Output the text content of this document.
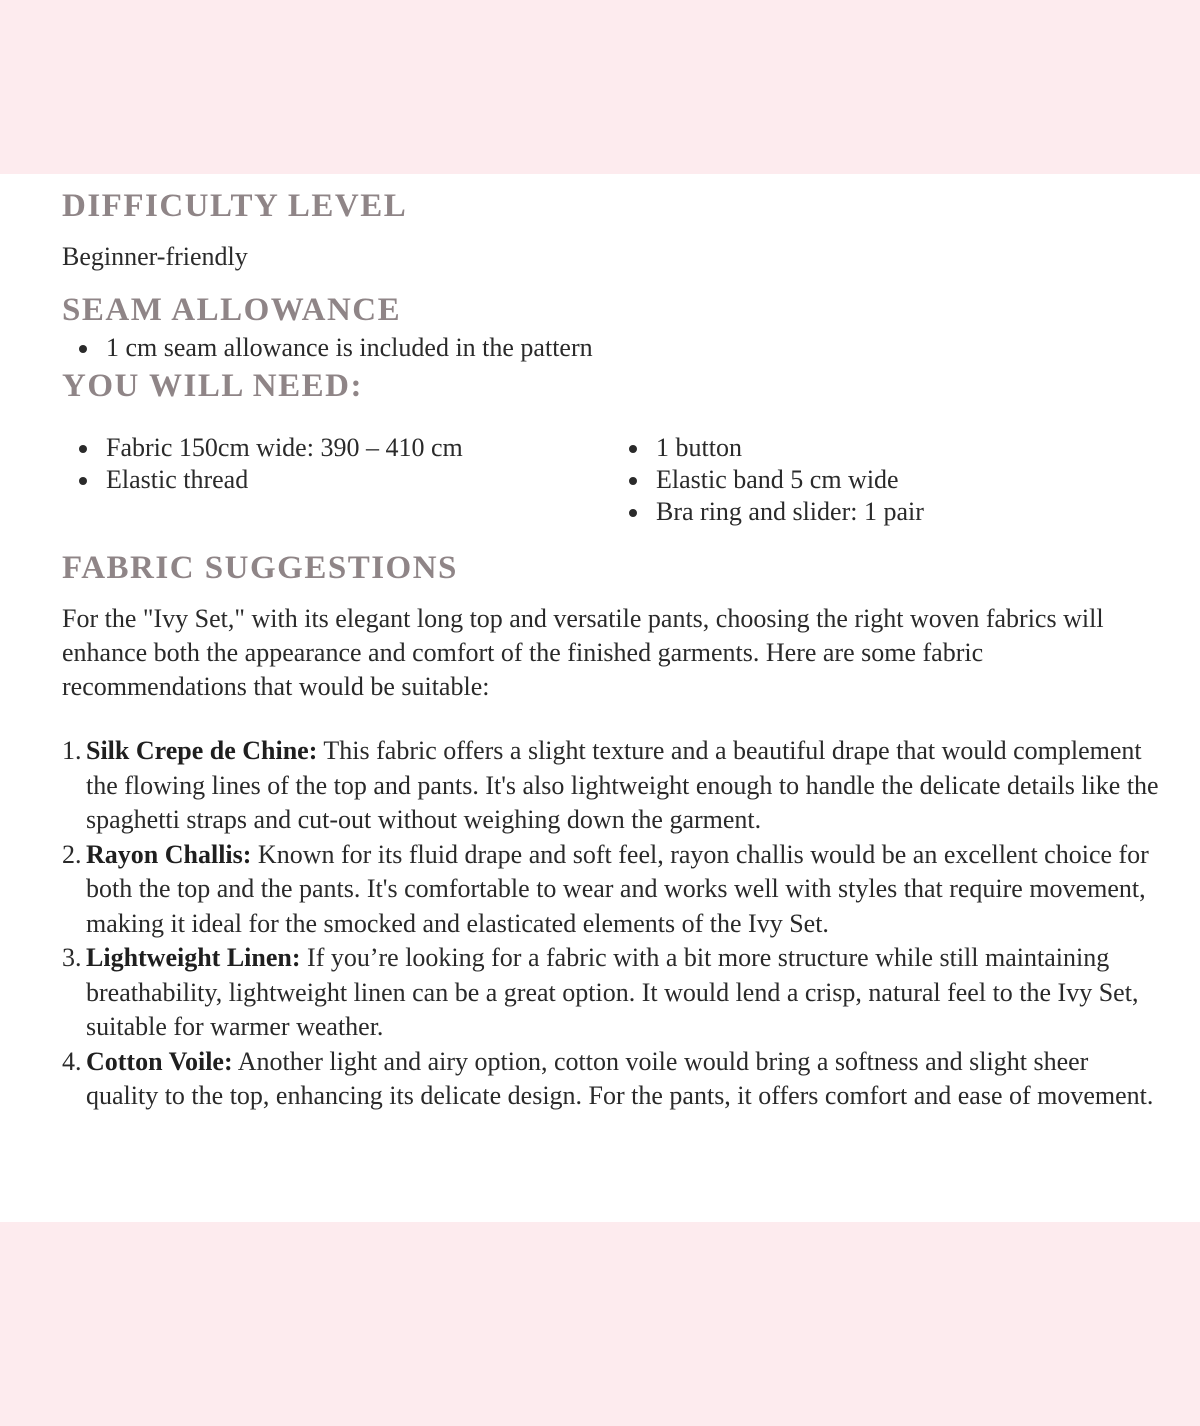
DIFFICULTY LEVEL
Beginner-friendly
SEAM ALLOWANCE
1 cm seam allowance is included in the pattern
YOU WILL NEED:
Fabric 150cm wide: 390 – 410 cm
Elastic thread
1 button
Elastic band 5 cm wide
Bra ring and slider: 1 pair
FABRIC SUGGESTIONS
For the "Ivy Set," with its elegant long top and versatile pants, choosing the right woven fabrics will enhance both the appearance and comfort of the finished garments. Here are some fabric recommendations that would be suitable:
1. Silk Crepe de Chine: This fabric offers a slight texture and a beautiful drape that would complement the flowing lines of the top and pants. It's also lightweight enough to handle the delicate details like the spaghetti straps and cut-out without weighing down the garment.
2. Rayon Challis: Known for its fluid drape and soft feel, rayon challis would be an excellent choice for both the top and the pants. It's comfortable to wear and works well with styles that require movement, making it ideal for the smocked and elasticated elements of the Ivy Set.
3. Lightweight Linen: If you’re looking for a fabric with a bit more structure while still maintaining breathability, lightweight linen can be a great option. It would lend a crisp, natural feel to the Ivy Set, suitable for warmer weather.
4. Cotton Voile: Another light and airy option, cotton voile would bring a softness and slight sheer quality to the top, enhancing its delicate design. For the pants, it offers comfort and ease of movement.
